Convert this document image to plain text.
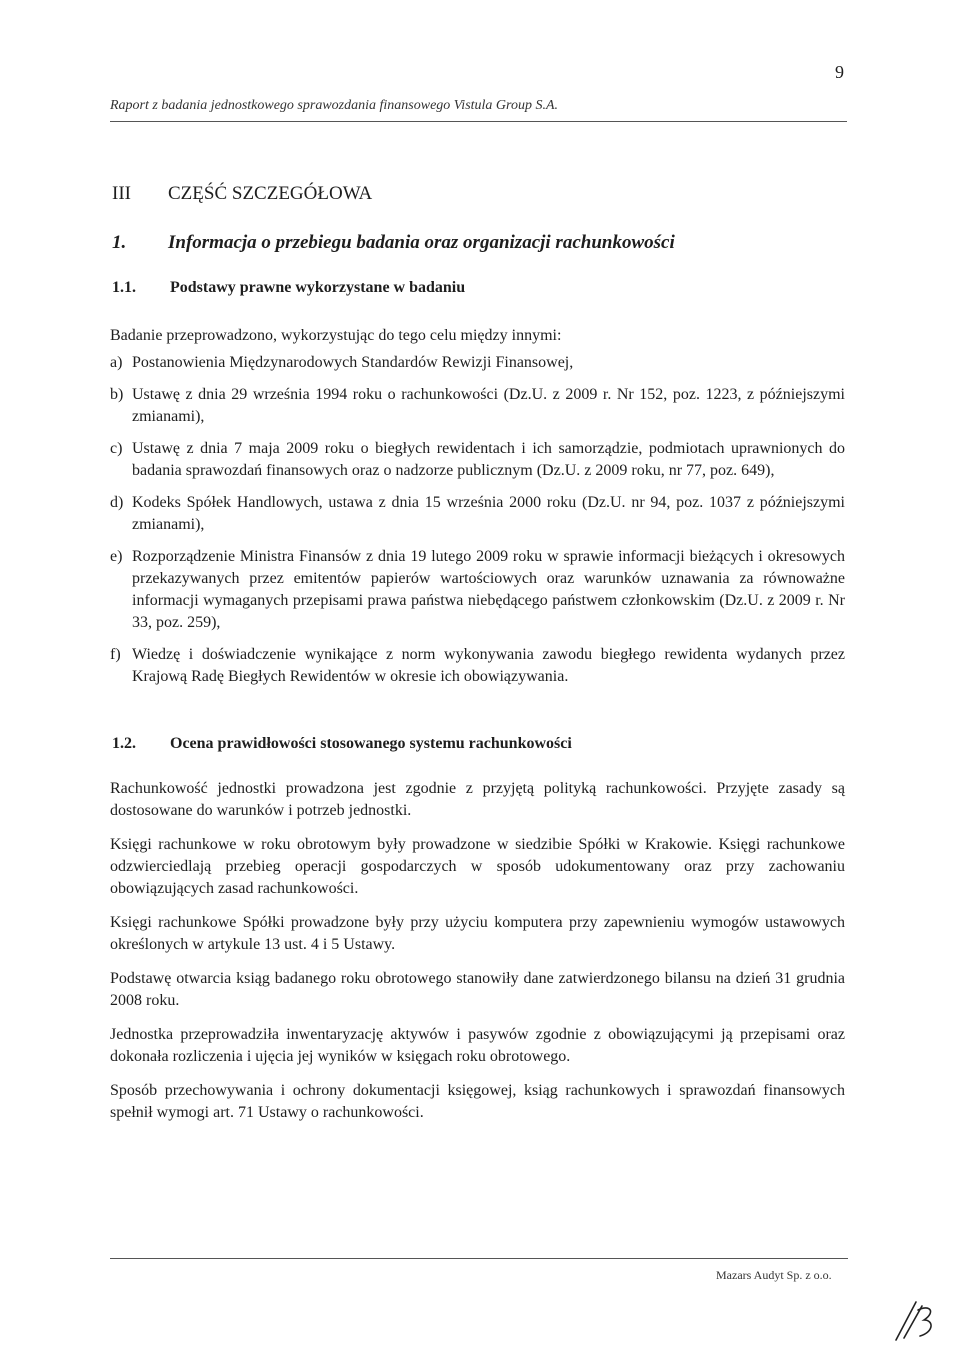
9
Raport z badania jednostkowego sprawozdania finansowego Vistula Group S.A.
III CZĘŚĆ SZCZEGÓŁOWA
1. Informacja o przebiegu badania oraz organizacji rachunkowości
1.1. Podstawy prawne wykorzystane w badaniu
Badanie przeprowadzono, wykorzystując do tego celu między innymi:
a) Postanowienia Międzynarodowych Standardów Rewizji Finansowej,
b) Ustawę z dnia 29 września 1994 roku o rachunkowości (Dz.U. z 2009 r. Nr 152, poz. 1223, z późniejszymi zmianami),
c) Ustawę z dnia 7 maja 2009 roku o biegłych rewidentach i ich samorządzie, podmiotach uprawnionych do badania sprawozdań finansowych oraz o nadzorze publicznym (Dz.U. z 2009 roku, nr 77, poz. 649),
d) Kodeks Spółek Handlowych, ustawa z dnia 15 września 2000 roku (Dz.U. nr 94, poz. 1037 z późniejszymi zmianami),
e) Rozporządzenie Ministra Finansów z dnia 19 lutego 2009 roku w sprawie informacji bieżących i okresowych przekazywanych przez emitentów papierów wartościowych oraz warunków uznawania za równoważne informacji wymaganych przepisami prawa państwa niebędącego państwem członkowskim (Dz.U. z 2009 r. Nr 33, poz. 259),
f) Wiedzę i doświadczenie wynikające z norm wykonywania zawodu biegłego rewidenta wydanych przez Krajową Radę Biegłych Rewidentów w okresie ich obowiązywania.
1.2. Ocena prawidłowości stosowanego systemu rachunkowości

Rachunkowość jednostki prowadzona jest zgodnie z przyjętą polityką rachunkowości. Przyjęte zasady są dostosowane do warunków i potrzeb jednostki.

Księgi rachunkowe w roku obrotowym były prowadzone w siedzibie Spółki w Krakowie. Księgi rachunkowe odzwierciedlają przebieg operacji gospodarczych w sposób udokumentowany oraz przy zachowaniu obowiązujących zasad rachunkowości.

Księgi rachunkowe Spółki prowadzone były przy użyciu komputera przy zapewnieniu wymogów ustawowych określonych w artykule 13 ust. 4 i 5 Ustawy.

Podstawę otwarcia ksiąg badanego roku obrotowego stanowiły dane zatwierdzonego bilansu na dzień 31 grudnia 2008 roku.

Jednostka przeprowadziła inwentaryzację aktywów i pasywów zgodnie z obowiązującymi ją przepisami oraz dokonała rozliczenia i ujęcia jej wyników w księgach roku obrotowego.

Sposób przechowywania i ochrony dokumentacji księgowej, ksiąg rachunkowych i sprawozdań finansowych spełnił wymogi art. 71 Ustawy o rachunkowości.

Mazars Audyt Sp. z o.o.
